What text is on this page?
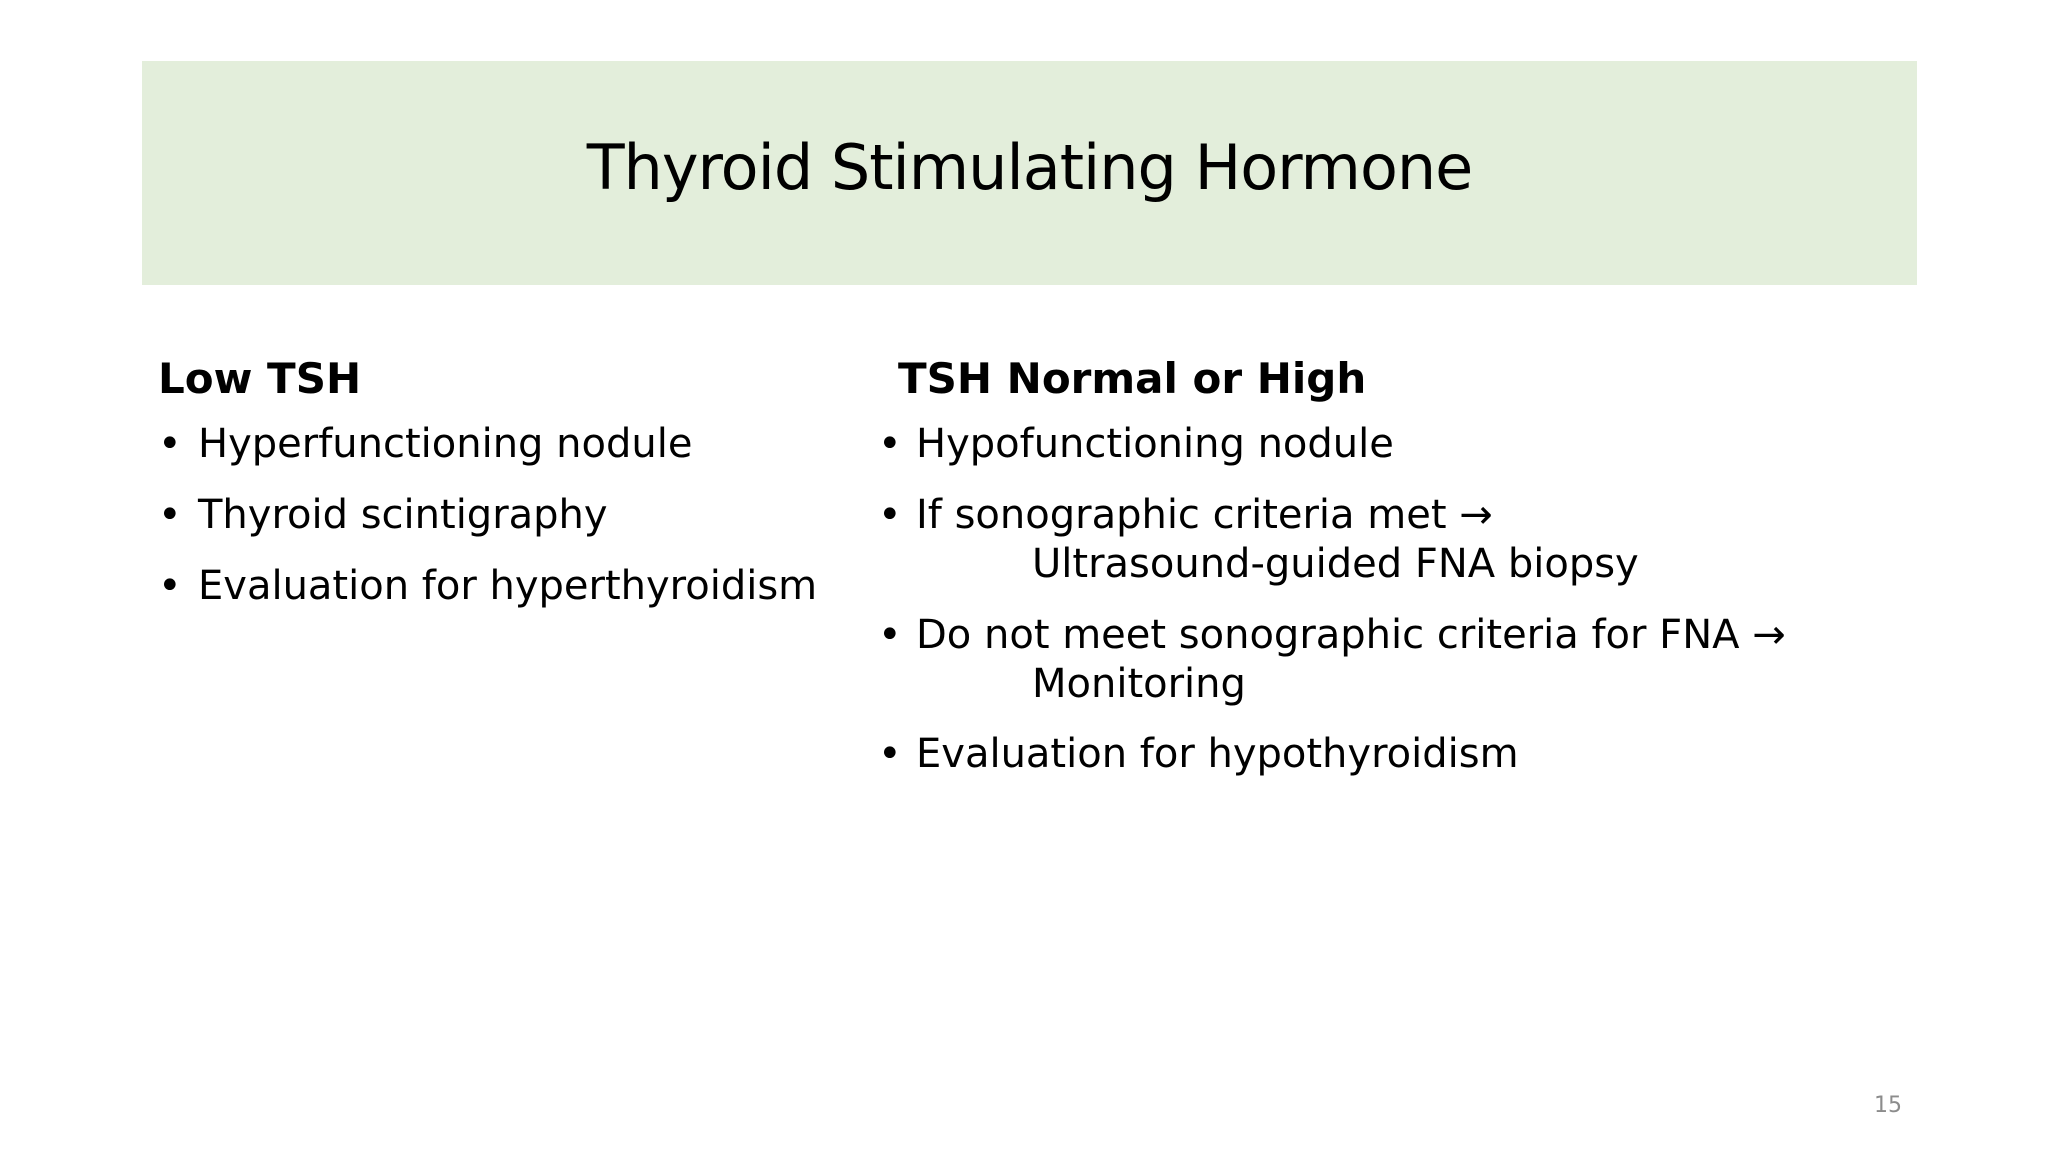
Thyroid Stimulating Hormone
Low TSH
• Hyperfunctioning nodule
• Thyroid scintigraphy
• Evaluation for hyperthyroidism
TSH Normal or High
• Hypofunctioning nodule
• If sonographic criteria met →
Ultrasound-guided FNA biopsy
• Do not meet sonographic criteria for FNA →
Monitoring
• Evaluation for hypothyroidism
15
